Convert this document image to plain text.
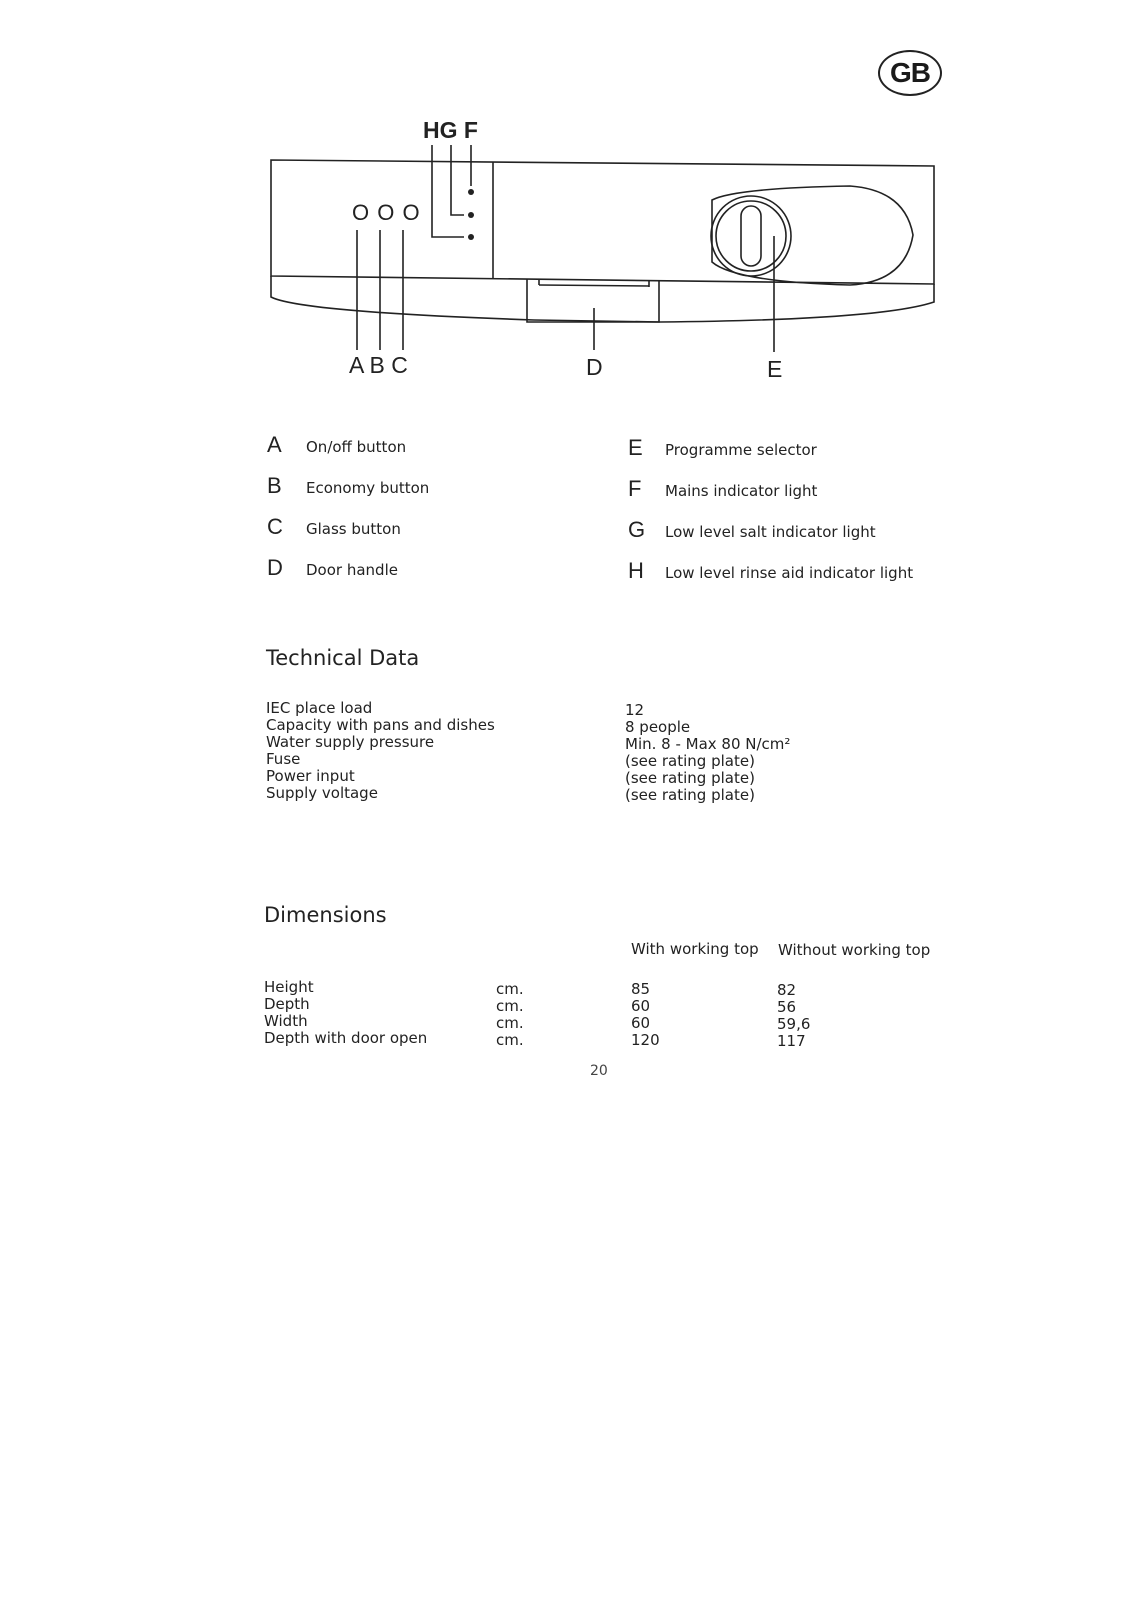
GB
O O O
HG F
A B C	D	E
A On/off button
B Economy button
C Glass button
D Door handle
E Programme selector
F Mains indicator light
G Low level salt indicator light
H Low level rinse aid indicator light
Technical Data
IEC place load
Capacity with pans and dishes
Water supply pressure
Fuse
Power input
Supply voltage
12
8 people
Min. 8 - Max 80 N/cm²
(see rating plate)
(see rating plate)
(see rating plate)
Dimensions
With working top Without working top
Height
Depth
Width
Depth with door open
cm.
cm.
cm.
cm.
85
60
60
120
82
56
59,6
117
20
